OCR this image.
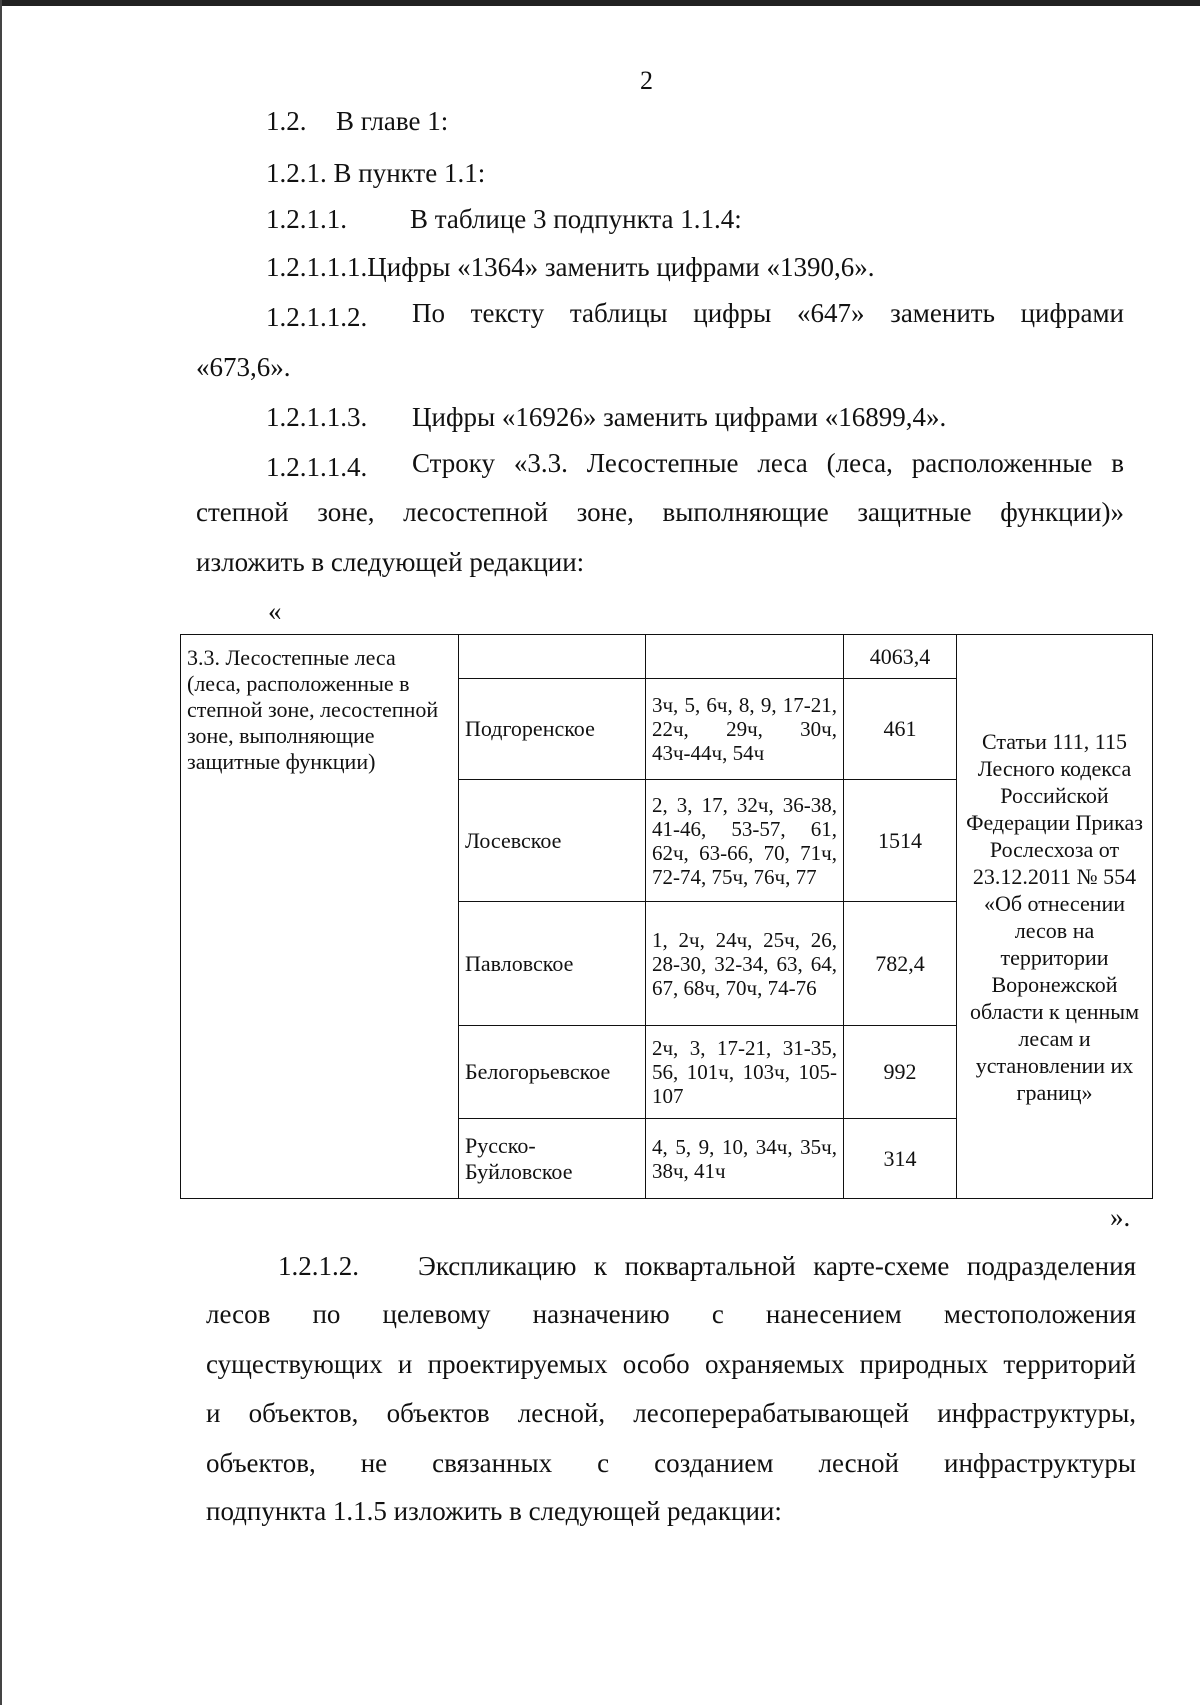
2
1.2. В главе 1:
1.2.1. В пункте 1.1:
1.2.1.1. В таблице 3 подпункта 1.1.4:
1.2.1.1.1.Цифры «1364» заменить цифрами «1390,6».
1.2.1.1.2. По текстy таблицы цифры «647» заменить цифрами
«673,6».
1.2.1.1.3. Цифры «16926» заменить цифрами «16899,4».
1.2.1.1.4. Строку «3.3. Лесостепные леса (леса, расположенные в
степной зоне, лесостепной зоне, выполняющие защитные функции)»
изложить в следующей редакции:
«
3.3. Лесостепные леса (леса, расположенные в степной зоне, лесостепной зоне, выполняющие защитные функции)			4063,4	Статьи 111, 115 Лесного кодекса Российской Федерации Приказ Рослесхоза от 23.12.2011 № 554 «Об отнесении лесов на территории Воронежской области к ценным лесам и установлении их границ»
	Подгоренское	3ч, 5, 6ч, 8, 9, 17-21, 22ч, 29ч, 30ч, 43ч-44ч, 54ч	461	
	Лосевское	2, 3, 17, 32ч, 36-38, 41-46, 53-57, 61, 62ч, 63-66, 70, 71ч, 72-74, 75ч, 76ч, 77	1514	
	Павловское	1, 2ч, 24ч, 25ч, 26, 28-30, 32-34, 63, 64, 67, 68ч, 70ч, 74-76	782,4	
	Белогорьевское	2ч, 3, 17-21, 31-35, 56, 101ч, 103ч, 105-107	992	
	Русско-Буйловское	4, 5, 9, 10, 34ч, 35ч, 38ч, 41ч	314	
».
1.2.1.2. Экспликацию к поквартальной карте-схеме подразделения
лесов по целевому назначению с нанесением местоположения
существующих и проектируемых особо охраняемых природных территорий
и объектов, объектов лесной, лесоперерабатывающей инфраструктуры,
объектов, не связанных с созданием лесной инфраструктуры
подпункта 1.1.5 изложить в следующей редакции:
